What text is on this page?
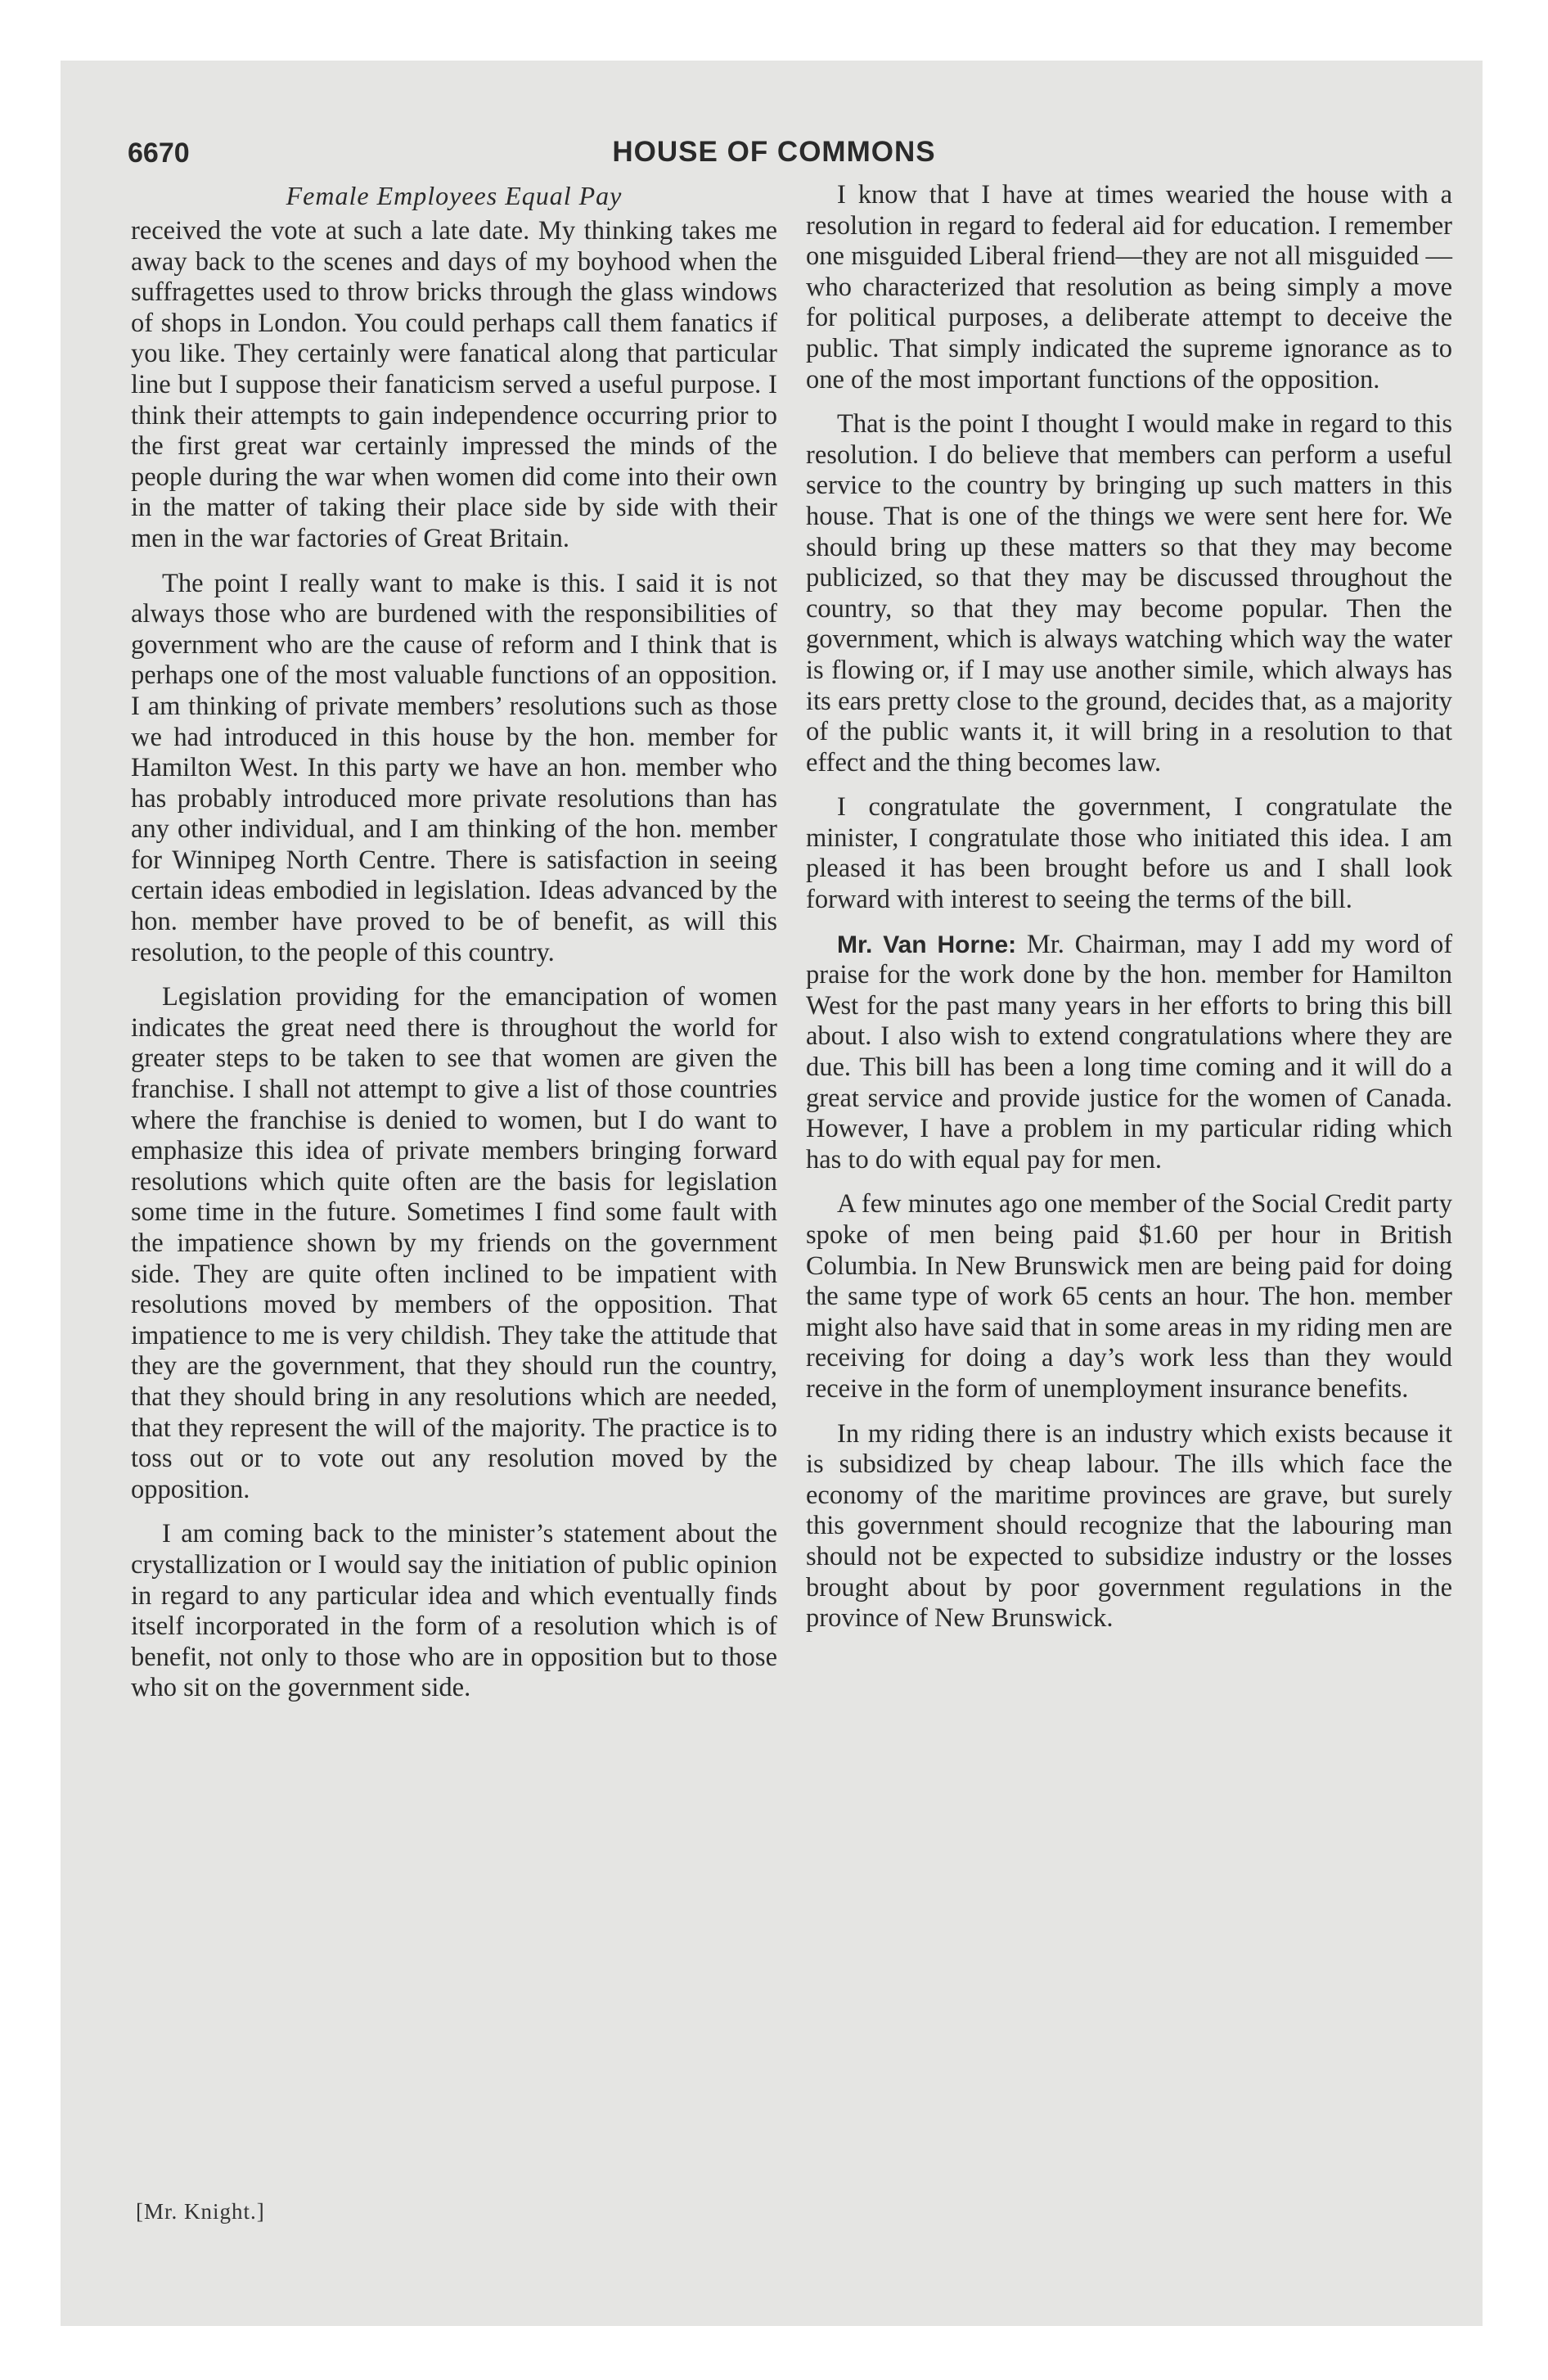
6670	HOUSE OF COMMONS
Female Employees Equal Pay

received the vote at such a late date. My thinking takes me away back to the scenes and days of my boyhood when the suffragettes used to throw bricks through the glass windows of shops in London. You could perhaps call them fanatics if you like. They certainly were fanatical along that particular line but I suppose their fanaticism served a useful purpose. I think their attempts to gain independence occurring prior to the first great war certainly impressed the minds of the people during the war when women did come into their own in the matter of taking their place side by side with their men in the war factories of Great Britain.

The point I really want to make is this. I said it is not always those who are burdened with the responsibilities of government who are the cause of reform and I think that is perhaps one of the most valuable functions of an opposition. I am thinking of private members’ resolutions such as those we had introduced in this house by the hon. member for Hamilton West. In this party we have an hon. member who has probably introduced more private resolutions than has any other individual, and I am thinking of the hon. member for Winnipeg North Centre. There is satisfaction in seeing certain ideas embodied in legislation. Ideas advanced by the hon. member have proved to be of benefit, as will this resolution, to the people of this country.

Legislation providing for the emancipation of women indicates the great need there is throughout the world for greater steps to be taken to see that women are given the franchise. I shall not attempt to give a list of those countries where the franchise is denied to women, but I do want to emphasize this idea of private members bringing forward resolutions which quite often are the basis for legislation some time in the future. Sometimes I find some fault with the impatience shown by my friends on the government side. They are quite often inclined to be impatient with resolutions moved by members of the opposition. That impatience to me is very childish. They take the attitude that they are the government, that they should run the country, that they should bring in any resolutions which are needed, that they represent the will of the majority. The practice is to toss out or to vote out any resolution moved by the opposition.

I am coming back to the minister’s statement about the crystallization or I would say the initiation of public opinion in regard to any particular idea and which eventually finds itself incorporated in the form of a resolution which is of benefit, not only to those who are in opposition but to those who sit on the government side.

[Mr. Knight.]

I know that I have at times wearied the house with a resolution in regard to federal aid for education. I remember one misguided Liberal friend—they are not all misguided —who characterized that resolution as being simply a move for political purposes, a deliberate attempt to deceive the public. That simply indicated the supreme ignorance as to one of the most important functions of the opposition.

That is the point I thought I would make in regard to this resolution. I do believe that members can perform a useful service to the country by bringing up such matters in this house. That is one of the things we were sent here for. We should bring up these matters so that they may become publicized, so that they may be discussed throughout the country, so that they may become popular. Then the government, which is always watching which way the water is flowing or, if I may use another simile, which always has its ears pretty close to the ground, decides that, as a majority of the public wants it, it will bring in a resolution to that effect and the thing becomes law.

I congratulate the government, I congratulate the minister, I congratulate those who initiated this idea. I am pleased it has been brought before us and I shall look forward with interest to seeing the terms of the bill.

Mr. Van Horne: Mr. Chairman, may I add my word of praise for the work done by the hon. member for Hamilton West for the past many years in her efforts to bring this bill about. I also wish to extend congratulations where they are due. This bill has been a long time coming and it will do a great service and provide justice for the women of Canada. However, I have a problem in my particular riding which has to do with equal pay for men.

A few minutes ago one member of the Social Credit party spoke of men being paid $1.60 per hour in British Columbia. In New Brunswick men are being paid for doing the same type of work 65 cents an hour. The hon. member might also have said that in some areas in my riding men are receiving for doing a day’s work less than they would receive in the form of unemployment insurance benefits.

In my riding there is an industry which exists because it is subsidized by cheap labour. The ills which face the economy of the maritime provinces are grave, but surely this government should recognize that the labouring man should not be expected to subsidize industry or the losses brought about by poor government regulations in the province of New Brunswick.
